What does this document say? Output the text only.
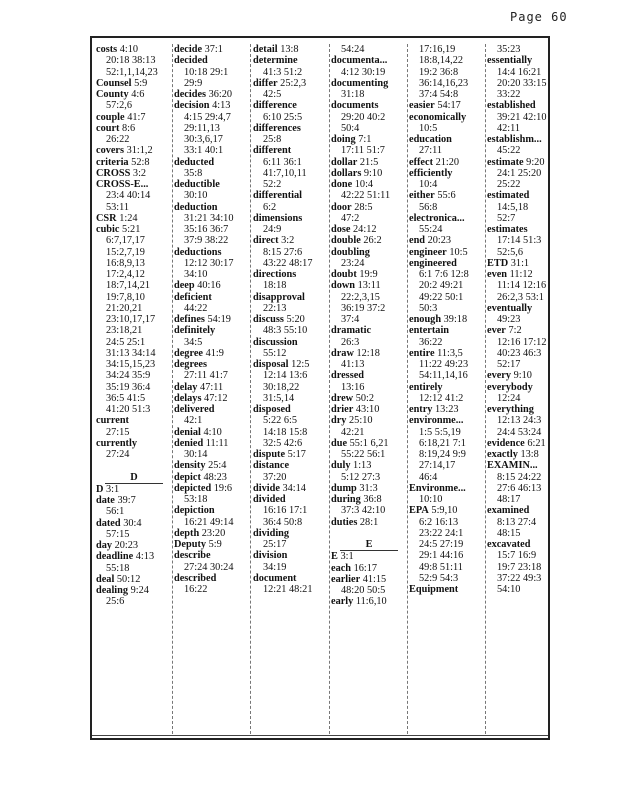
Page 60
costs 4:10
20:18 38:13
52:1,1,14,23
Counsel 5:9
County 4:6
57:2,6
couple 41:7
court 8:6
26:22
covers 31:1,2
criteria 52:8
CROSS 3:2
CROSS-E...
23:4 40:14
53:11
CSR 1:24
cubic 5:21
6:7,17,17
15:2,7,19
16:8,9,13
17:2,4,12
18:7,14,21
19:7,8,10
21:20,21
23:10,17,17
23:18,21
24:5 25:1
31:13 34:14
34:15,15,23
34:24 35:9
35:19 36:4
36:5 41:5
41:20 51:3
current
27:15
currently
27:24
D
D 3:1
date 39:7
56:1
dated 30:4
57:15
day 20:23
deadline 4:13
55:18
deal 50:12
dealing 9:24
25:6
decide 37:1
decided
10:18 29:1
29:9
decides 36:20
decision 4:13
4:15 29:4,7
29:11,13
30:3,6,17
33:1 40:1
deducted
35:8
deductible
30:10
deduction
31:21 34:10
35:16 36:7
37:9 38:22
deductions
12:12 30:17
34:10
deep 40:16
deficient
44:22
defines 54:19
definitely
34:5
degree 41:9
degrees
27:11 41:7
delay 47:11
delays 47:12
delivered
42:1
denial 4:10
denied 11:11
30:14
density 25:4
depict 48:23
depicted 19:6
53:18
depiction
16:21 49:14
depth 23:20
Deputy 5:9
describe
27:24 30:24
described
16:22
detail 13:8
determine
41:3 51:2
differ 25:2,3
42:5
difference
6:10 25:5
differences
25:8
different
6:11 36:1
41:7,10,11
52:2
differential
6:2
dimensions
24:9
direct 3:2
8:15 27:6
43:22 48:17
directions
18:18
disapproval
22:13
discuss 5:20
48:3 55:10
discussion
55:12
disposal 12:5
12:14 13:6
30:18,22
31:5,14
disposed
5:22 6:5
14:18 15:8
32:5 42:6
dispute 5:17
distance
37:20
divide 34:14
divided
16:16 17:1
36:4 50:8
dividing
25:17
division
34:19
document
12:21 48:21
54:24
documenta...
4:12 30:19
documenting
31:18
documents
29:20 40:2
50:4
doing 7:1
17:11 51:7
dollar 21:5
dollars 9:10
done 10:4
42:22 51:11
door 28:5
47:2
dose 24:12
double 26:2
doubling
23:24
doubt 19:9
down 13:11
22:2,3,15
36:19 37:2
37:4
dramatic
26:3
draw 12:18
41:13
dressed
13:16
drew 50:2
drier 43:10
dry 25:10
42:21
due 55:1 6,21
55:22 56:1
duly 1:13
5:12 27:3
dump 31:3
during 36:8
37:3 42:10
duties 28:1
E
E 3:1
each 16:17
earlier 41:15
48:20 50:5
early 11:6,10
17:16,19
18:8,14,22
19:2 36:8
36:14,16,23
37:4 54:8
easier 54:17
economically
10:5
education
27:11
effect 21:20
efficiently
10:4
either 55:6
56:8
electronica...
55:24
end 20:23
engineer 10:5
engineered
6:1 7:6 12:8
20:2 49:21
49:22 50:1
50:3
enough 39:18
entertain
36:22
entire 11:3,5
11:22 49:23
54:11,14,16
entirely
12:12 41:2
entry 13:23
environme...
1:5 5:5,19
6:18,21 7:1
8:19,24 9:9
27:14,17
46:4
Environme...
10:10
EPA 5:9,10
6:2 16:13
23:22 24:1
24:5 27:19
29:1 44:16
49:8 51:11
52:9 54:3
Equipment
35:23
essentially
14:4 16:21
20:20 33:15
33:22
established
39:21 42:10
42:11
establishm...
45:22
estimate 9:20
24:1 25:20
25:22
estimated
14:5,18
52:7
estimates
17:14 51:3
52:5,6
ETD 31:1
even 11:12
11:14 12:16
26:2,3 53:1
eventually
49:23
ever 7:2
12:16 17:12
40:23 46:3
52:17
every 9:10
everybody
12:24
everything
12:13 24:3
24:4 53:24
evidence 6:21
exactly 13:8
EXAMIN...
8:15 24:22
27:6 46:13
48:17
examined
8:13 27:4
48:15
excavated
15:7 16:9
19:7 23:18
37:22 49:3
54:10
